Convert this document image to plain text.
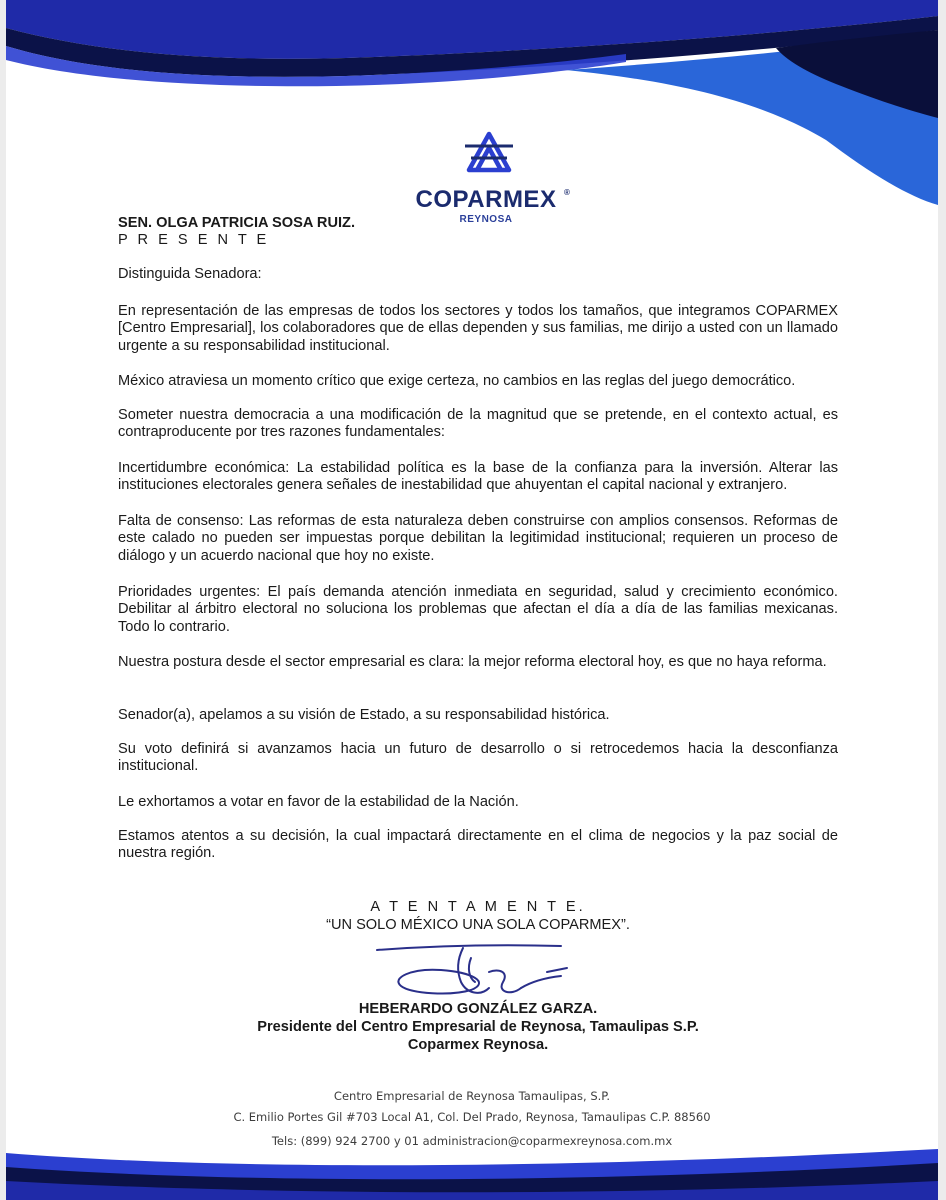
COPARMEX ®
REYNOSA

SEN. OLGA PATRICIA SOSA RUIZ.

P R E S E N T E

Distinguida Senadora:

En representación de las empresas de todos los sectores y todos los tamaños, que integramos COPARMEX [Centro Empresarial], los colaboradores que de ellas dependen y sus familias, me dirijo a usted con un llamado urgente a su responsabilidad institucional.

México atraviesa un momento crítico que exige certeza, no cambios en las reglas del juego democrático.

Someter nuestra democracia a una modificación de la magnitud que se pretende, en el contexto actual, es contraproducente por tres razones fundamentales:

Incertidumbre económica: La estabilidad política es la base de la confianza para la inversión. Alterar las instituciones electorales genera señales de inestabilidad que ahuyentan el capital nacional y extranjero.

Falta de consenso: Las reformas de esta naturaleza deben construirse con amplios consensos. Reformas de este calado no pueden ser impuestas porque debilitan la legitimidad institucional; requieren un proceso de diálogo y un acuerdo nacional que hoy no existe.

Prioridades urgentes: El país demanda atención inmediata en seguridad, salud y crecimiento económico. Debilitar al árbitro electoral no soluciona los problemas que afectan el día a día de las familias mexicanas. Todo lo contrario.

Nuestra postura desde el sector empresarial es clara: la mejor reforma electoral hoy, es que no haya reforma.

Senador(a), apelamos a su visión de Estado, a su responsabilidad histórica.

Su voto definirá si avanzamos hacia un futuro de desarrollo o si retrocedemos hacia la desconfianza institucional.

Le exhortamos a votar en favor de la estabilidad de la Nación.

Estamos atentos a su decisión, la cual impactará directamente en el clima de negocios y la paz social de nuestra región.

A T E N T A M E N T E.

“UN SOLO MÉXICO UNA SOLA COPARMEX”.

HEBERARDO GONZÁLEZ GARZA.

Presidente del Centro Empresarial de Reynosa, Tamaulipas S.P.

Coparmex Reynosa.

Centro Empresarial de Reynosa Tamaulipas, S.P.
C. Emilio Portes Gil #703 Local A1, Col. Del Prado, Reynosa, Tamaulipas C.P. 88560
Tels: (899) 924 2700 y 01 administracion@coparmexreynosa.com.mx
